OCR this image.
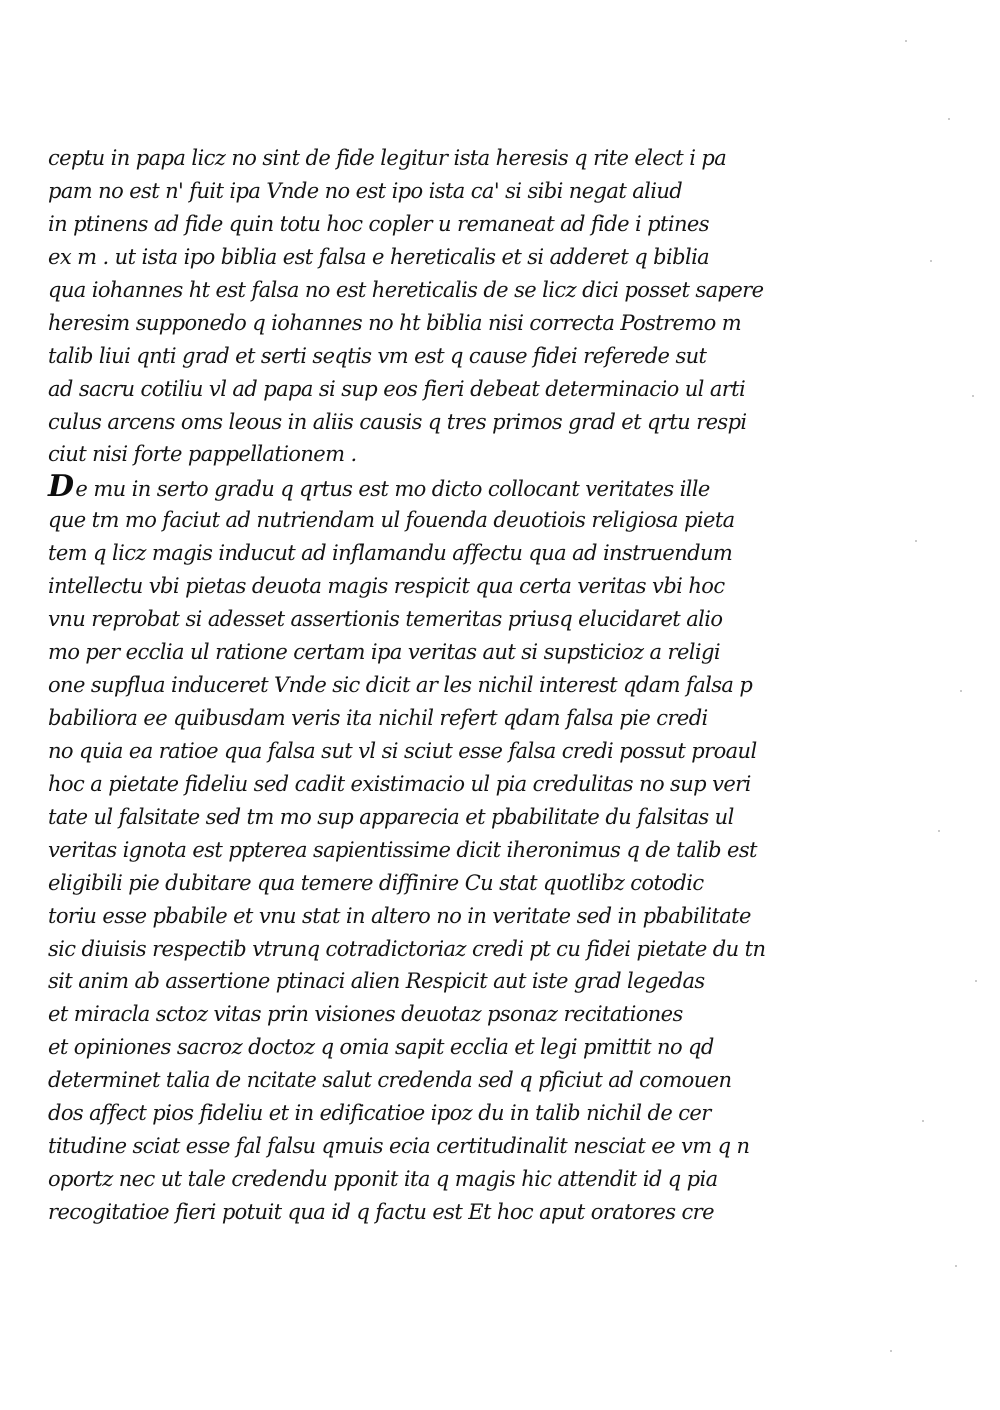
ceptu in papa licz no sint de fide legitur ista heresis q rite elect i pa
pam no est n' fuit ipa Vnde no est ipo ista ca' si sibi negat aliud
in ptinens ad fide quin totu hoc copler u remaneat ad fide i ptines
ex m . ut ista ipo biblia est falsa e hereticalis et si adderet q biblia
qua iohannes ht est falsa no est hereticalis de se licz dici posset sapere
heresim supponedo q iohannes no ht biblia nisi correcta Postremo m
talib liui qnti grad et serti seqtis vm est q cause fidei referede sut
ad sacru cotiliu vl ad papa si sup eos fieri debeat determinacio ul arti
culus arcens oms leous in aliis causis q tres primos grad et qrtu respi
ciut nisi forte pappellationem .
De mu in serto gradu q qrtus est mo dicto collocant veritates ille
que tm mo faciut ad nutriendam ul fouenda deuotiois religiosa pieta
tem q licz magis inducut ad inflamandu affectu qua ad instruendum
intellectu vbi pietas deuota magis respicit qua certa veritas vbi hoc
vnu reprobat si adesset assertionis temeritas priusq elucidaret alio
mo per ecclia ul ratione certam ipa veritas aut si supsticioz a religi
one supflua induceret Vnde sic dicit ar les nichil interest qdam falsa p
babiliora ee quibusdam veris ita nichil refert qdam falsa pie credi
no quia ea ratioe qua falsa sut vl si sciut esse falsa credi possut proaul
hoc a pietate fideliu sed cadit existimacio ul pia credulitas no sup veri
tate ul falsitate sed tm mo sup apparecia et pbabilitate du falsitas ul
veritas ignota est ppterea sapientissime dicit iheronimus q de talib est
eligibili pie dubitare qua temere diffinire Cu stat quotlibz cotodic
toriu esse pbabile et vnu stat in altero no in veritate sed in pbabilitate
sic diuisis respectib vtrunq cotradictoriaz credi pt cu fidei pietate du tn
sit anim ab assertione ptinaci alien Respicit aut iste grad legedas
et miracla sctoz vitas prin visiones deuotaz psonaz recitationes
et opiniones sacroz doctoz q omia sapit ecclia et legi pmittit no qd
determinet talia de ncitate salut credenda sed q pficiut ad comouen
dos affect pios fideliu et in edificatioe ipoz du in talib nichil de cer
titudine sciat esse fal falsu qmuis ecia certitudinalit nesciat ee vm q n
oportz nec ut tale credendu pponit ita q magis hic attendit id q pia
recogitatioe fieri potuit qua id q factu est Et hoc aput oratores cre
